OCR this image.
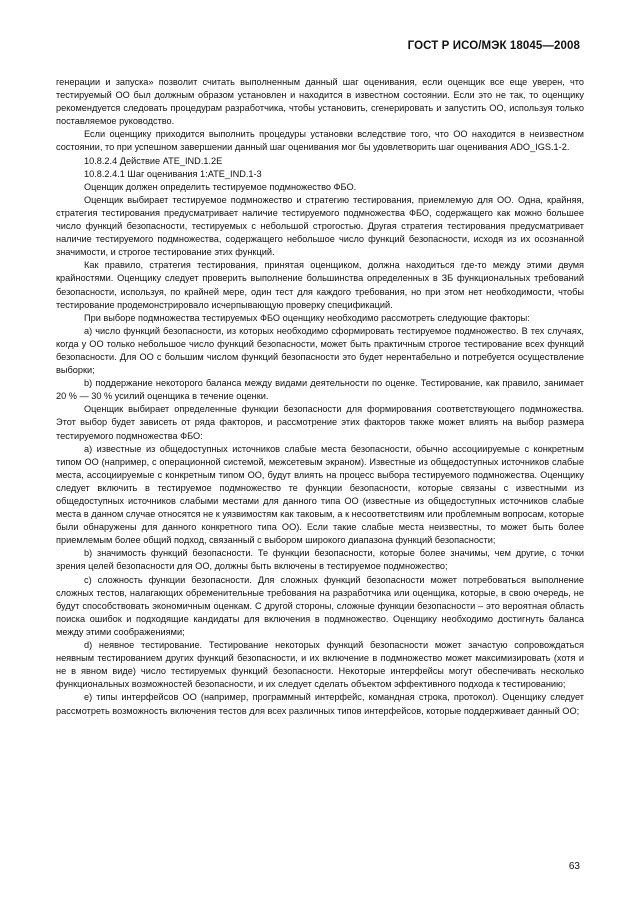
ГОСТ Р ИСО/МЭК 18045—2008

генерации и запуска» позволит считать выполненным данный шаг оценивания, если оценщик все еще уверен, что тестируемый ОО был должным образом установлен и находится в известном состоянии. Если это не так, то оценщику рекомендуется следовать процедурам разработчика, чтобы установить, сгенерировать и запустить ОО, используя только поставляемое руководство.

Если оценщику приходится выполнить процедуры установки вследствие того, что ОО находится в неизвестном состоянии, то при успешном завершении данный шаг оценивания мог бы удовлетворить шаг оценивания ADO_IGS.1-2.

10.8.2.4 Действие ATE_IND.1.2E

10.8.2.4.1 Шаг оценивания 1:ATE_IND.1-3

Оценщик должен определить тестируемое подмножество ФБО.

Оценщик выбирает тестируемое подмножество и стратегию тестирования, приемлемую для ОО. Одна, крайняя, стратегия тестирования предусматривает наличие тестируемого подмножества ФБО, содержащего как можно большее число функций безопасности, тестируемых с небольшой строгостью. Другая стратегия тестирования предусматривает наличие тестируемого подмножества, содержащего небольшое число функций безопасности, исходя из их осознанной значимости, и строгое тестирование этих функций.

Как правило, стратегия тестирования, принятая оценщиком, должна находиться где-то между этими двумя крайностями. Оценщику следует проверить выполнение большинства определенных в ЗБ функциональных требований безопасности, используя, по крайней мере, один тест для каждого требования, но при этом нет необходимости, чтобы тестирование продемонстрировало исчерпывающую проверку спецификаций.

При выборе подмножества тестируемых ФБО оценщику необходимо рассмотреть следующие факторы:

а) число функций безопасности, из которых необходимо сформировать тестируемое подмножество. В тех случаях, когда у ОО только небольшое число функций безопасности, может быть практичным строгое тестирование всех функций безопасности. Для ОО с большим числом функций безопасности это будет нерентабельно и потребуется осуществление выборки;

b) поддержание некоторого баланса между видами деятельности по оценке. Тестирование, как правило, занимает 20 % — 30 % усилий оценщика в течение оценки.

Оценщик выбирает определенные функции безопасности для формирования соответствующего подмножества. Этот выбор будет зависеть от ряда факторов, и рассмотрение этих факторов также может влиять на выбор размера тестируемого подмножества ФБО:

а) известные из общедоступных источников слабые места безопасности, обычно ассоциируемые с конкретным типом ОО (например, с операционной системой, межсетевым экраном). Известные из общедоступных источников слабые места, ассоциируемые с конкретным типом ОО, будут влиять на процесс выбора тестируемого подмножества. Оценщику следует включить в тестируемое подмножество те функции безопасности, которые связаны с известными из общедоступных источников слабыми местами для данного типа ОО (известные из общедоступных источников слабые места в данном случае относятся не к уязвимостям как таковым, а к несоответствиям или проблемным вопросам, которые были обнаружены для данного конкретного типа ОО). Если такие слабые места неизвестны, то может быть более приемлемым более общий подход, связанный с выбором широкого диапазона функций безопасности;

b) значимость функций безопасности. Те функции безопасности, которые более значимы, чем другие, с точки зрения целей безопасности для ОО, должны быть включены в тестируемое подмножество;

с) сложность функции безопасности. Для сложных функций безопасности может потребоваться выполнение сложных тестов, налагающих обременительные требования на разработчика или оценщика, которые, в свою очередь, не будут способствовать экономичным оценкам. С другой стороны, сложные функции безопасности – это вероятная область поиска ошибок и подходящие кандидаты для включения в подмножество. Оценщику необходимо достигнуть баланса между этими соображениями;

d) неявное тестирование. Тестирование некоторых функций безопасности может зачастую сопровождаться неявным тестированием других функций безопасности, и их включение в подмножество может максимизировать (хотя и не в явном виде) число тестируемых функций безопасности. Некоторые интерфейсы могут обеспечивать несколько функциональных возможностей безопасности, и их следует сделать объектом эффективного подхода к тестированию;

е) типы интерфейсов ОО (например, программный интерфейс, командная строка, протокол). Оценщику следует рассмотреть возможность включения тестов для всех различных типов интерфейсов, которые поддерживает данный ОО;

63
